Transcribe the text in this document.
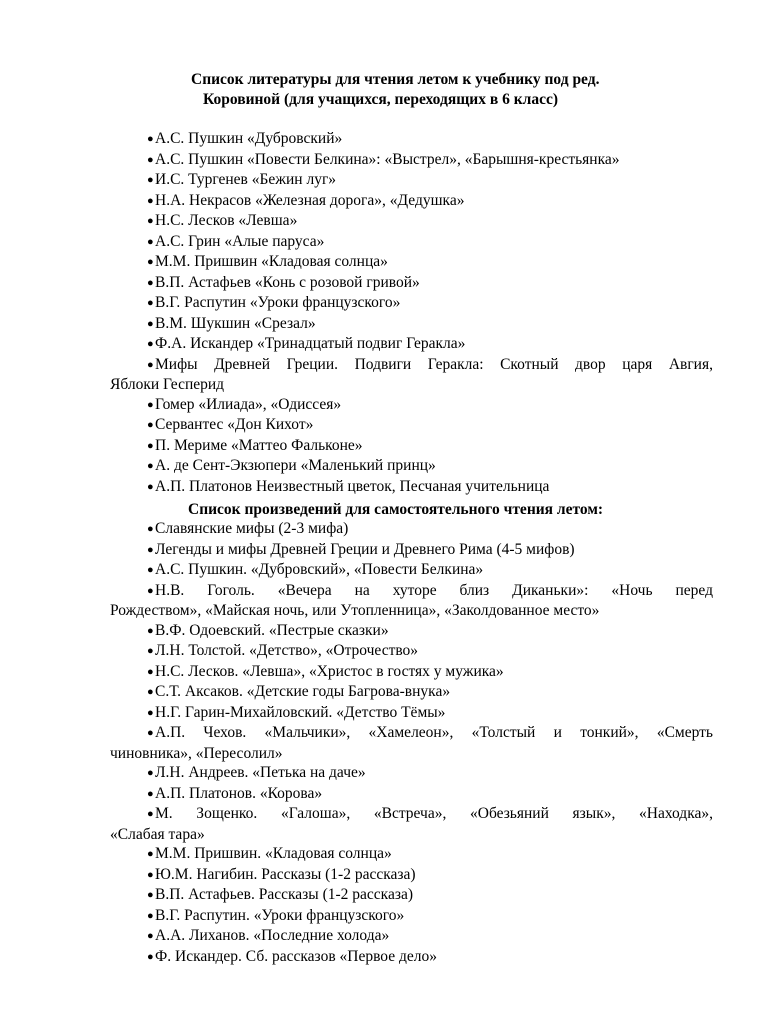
Список литературы для чтения летом к учебнику под ред.
Коровиной (для учащихся, переходящих в 6 класс)
●А.С. Пушкин «Дубровский»
●А.С. Пушкин «Повести Белкина»: «Выстрел», «Барышня-крестьянка»
●И.С. Тургенев «Бежин луг»
●Н.А. Некрасов «Железная дорога», «Дедушка»
●Н.С. Лесков «Левша»
●А.С. Грин «Алые паруса»
●М.М. Пришвин «Кладовая солнца»
●В.П. Астафьев «Конь с розовой гривой»
●В.Г. Распутин «Уроки французского»
●В.М. Шукшин «Срезал»
●Ф.А. Искандер «Тринадцатый подвиг Геракла»
●Мифы Древней Греции. Подвиги Геракла: Скотный двор царя Авгия,
Яблоки Гесперид
●Гомер «Илиада», «Одиссея»
●Сервантес «Дон Кихот»
●П. Мериме «Маттео Фальконе»
●А. де Сент-Экзюпери «Маленький принц»
●А.П. Платонов Неизвестный цветок, Песчаная учительница
Список произведений для самостоятельного чтения летом:
●Славянские мифы (2-3 мифа)
●Легенды и мифы Древней Греции и Древнего Рима (4-5 мифов)
●А.С. Пушкин. «Дубровский», «Повести Белкина»
●Н.В. Гоголь. «Вечера на хуторе близ Диканьки»: «Ночь перед
Рождеством», «Майская ночь, или Утопленница», «Заколдованное место»
●В.Ф. Одоевский. «Пестрые сказки»
●Л.Н. Толстой. «Детство», «Отрочество»
●Н.С. Лесков. «Левша», «Христос в гостях у мужика»
●С.Т. Аксаков. «Детские годы Багрова-внука»
●Н.Г. Гарин-Михайловский. «Детство Тёмы»
●А.П. Чехов. «Мальчики», «Хамелеон», «Толстый и тонкий», «Смерть
чиновника», «Пересолил»
●Л.Н. Андреев. «Петька на даче»
●А.П. Платонов. «Корова»
●М. Зощенко. «Галоша», «Встреча», «Обезьяний язык», «Находка»,
«Слабая тара»
●М.М. Пришвин. «Кладовая солнца»
●Ю.М. Нагибин. Рассказы (1-2 рассказа)
●В.П. Астафьев. Рассказы (1-2 рассказа)
●В.Г. Распутин. «Уроки французского»
●А.А. Лиханов. «Последние холода»
●Ф. Искандер. Сб. рассказов «Первое дело»
